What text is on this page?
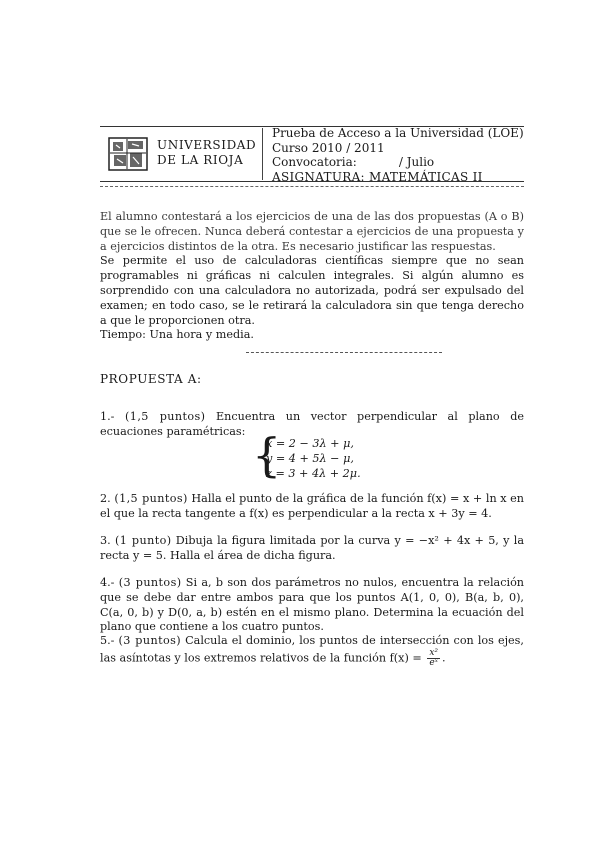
UNIVERSIDAD
DE LA RIOJA
Prueba de Acceso a la Universidad (LOE)
Curso 2010 / 2011
Convocatoria:	/ Julio
ASIGNATURA: MATEMÁTICAS II

El alumno contestará a los ejercicios de una de las dos propuestas (A o B) que se le ofrecen. Nunca deberá contestar a ejercicios de una propuesta y a ejercicios distintos de la otra. Es necesario justificar las respuestas.

Se permite el uso de calculadoras científicas siempre que no sean programables ni gráficas ni calculen integrales. Si algún alumno es sorprendido con una calculadora no autorizada, podrá ser expulsado del examen; en todo caso, se le retirará la calculadora sin que tenga derecho a que le proporcionen otra.

Tiempo: Una hora y media.

PROPUESTA A:

1.- (1,5 puntos) Encuentra un vector perpendicular al plano de ecuaciones paramétricas: {
x = 2 − 3λ + μ,
y = 4 + 5λ − μ,
z = 3 + 4λ + 2μ.

2. (1,5 puntos) Halla el punto de la gráfica de la función f(x) = x + ln x en el que la recta tangente a f(x) es perpendicular a la recta x + 3y = 4.

3. (1 punto) Dibuja la figura limitada por la curva y = −x² + 4x + 5, y la recta y = 5. Halla el área de dicha figura.

4.- (3 puntos) Si a, b son dos parámetros no nulos, encuentra la relación que se debe dar entre ambos para que los puntos A(1, 0, 0), B(a, b, 0), C(a, 0, b) y D(0, a, b) estén en el mismo plano. Determina la ecuación del plano que contiene a los cuatro puntos.

5.- (3 puntos) Calcula el dominio, los puntos de intersección con los ejes, las asíntotas y los extremos relativos de la función $f(x) = \frac{\text{x²}}{\text{eˣ}}$ .
